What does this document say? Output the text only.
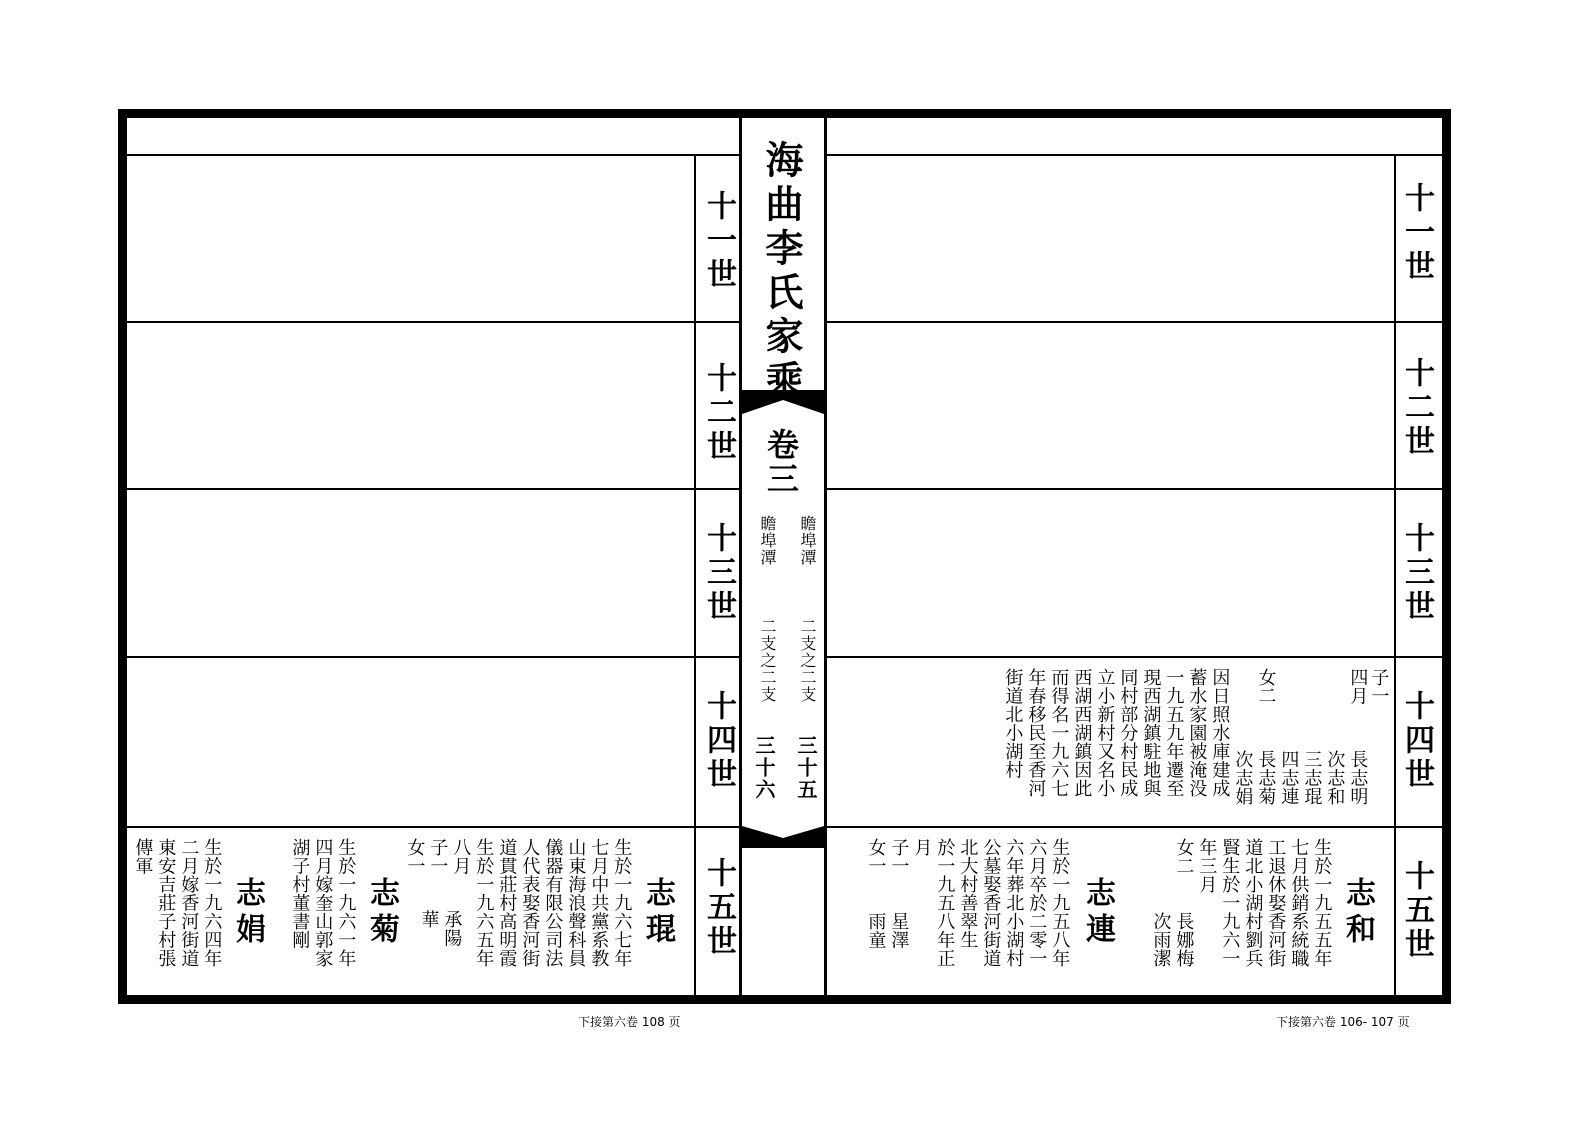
海曲李氏家乘
卷三
瞻埠潭
瞻埠潭
二支之二支
二支之二支
三十五
三十六
十一世
十二世
十三世
十四世
十五世
十一世
十二世
十三世
十四世
十五世
子一
四月
長志明
次志和
三志琨
四志連
女二
長志菊
次志娟
因日照水庫建成
蓄水家園被淹没
一九五九年遷至
現西湖鎮駐地與
同村部分村民成
立小新村又名小
西湖西湖鎮因此
而得名一九六七
年春移民至香河
街道北小湖村
志和
生於一九五五年
七月供銷系統職
工退休娶香河街
道北小湖村劉兵
賢生於一九六一
年三月
女二
長娜梅
次雨潔
志連
生於一九五八年
六月卒於二零一
六年葬北小湖村
公墓娶香河街道
北大村善翠生
於一九五八年正
月
子一
女一
星澤
雨童
志琨
生於一九六七年
七月中共黨系教
山東海浪聲科員
儀器有限公司法
人代表娶香河街
道貫莊村高明霞
生於一九六五年
八月
子一
女一
承陽
華
志菊
生於一九六一年
四月嫁奎山郭家
湖子村董書剛
志娟
生於一九六四年
二月嫁香河街道
東安吉莊子村張
傳軍
下接第六卷 108 页	下接第六卷 106- 107 页
